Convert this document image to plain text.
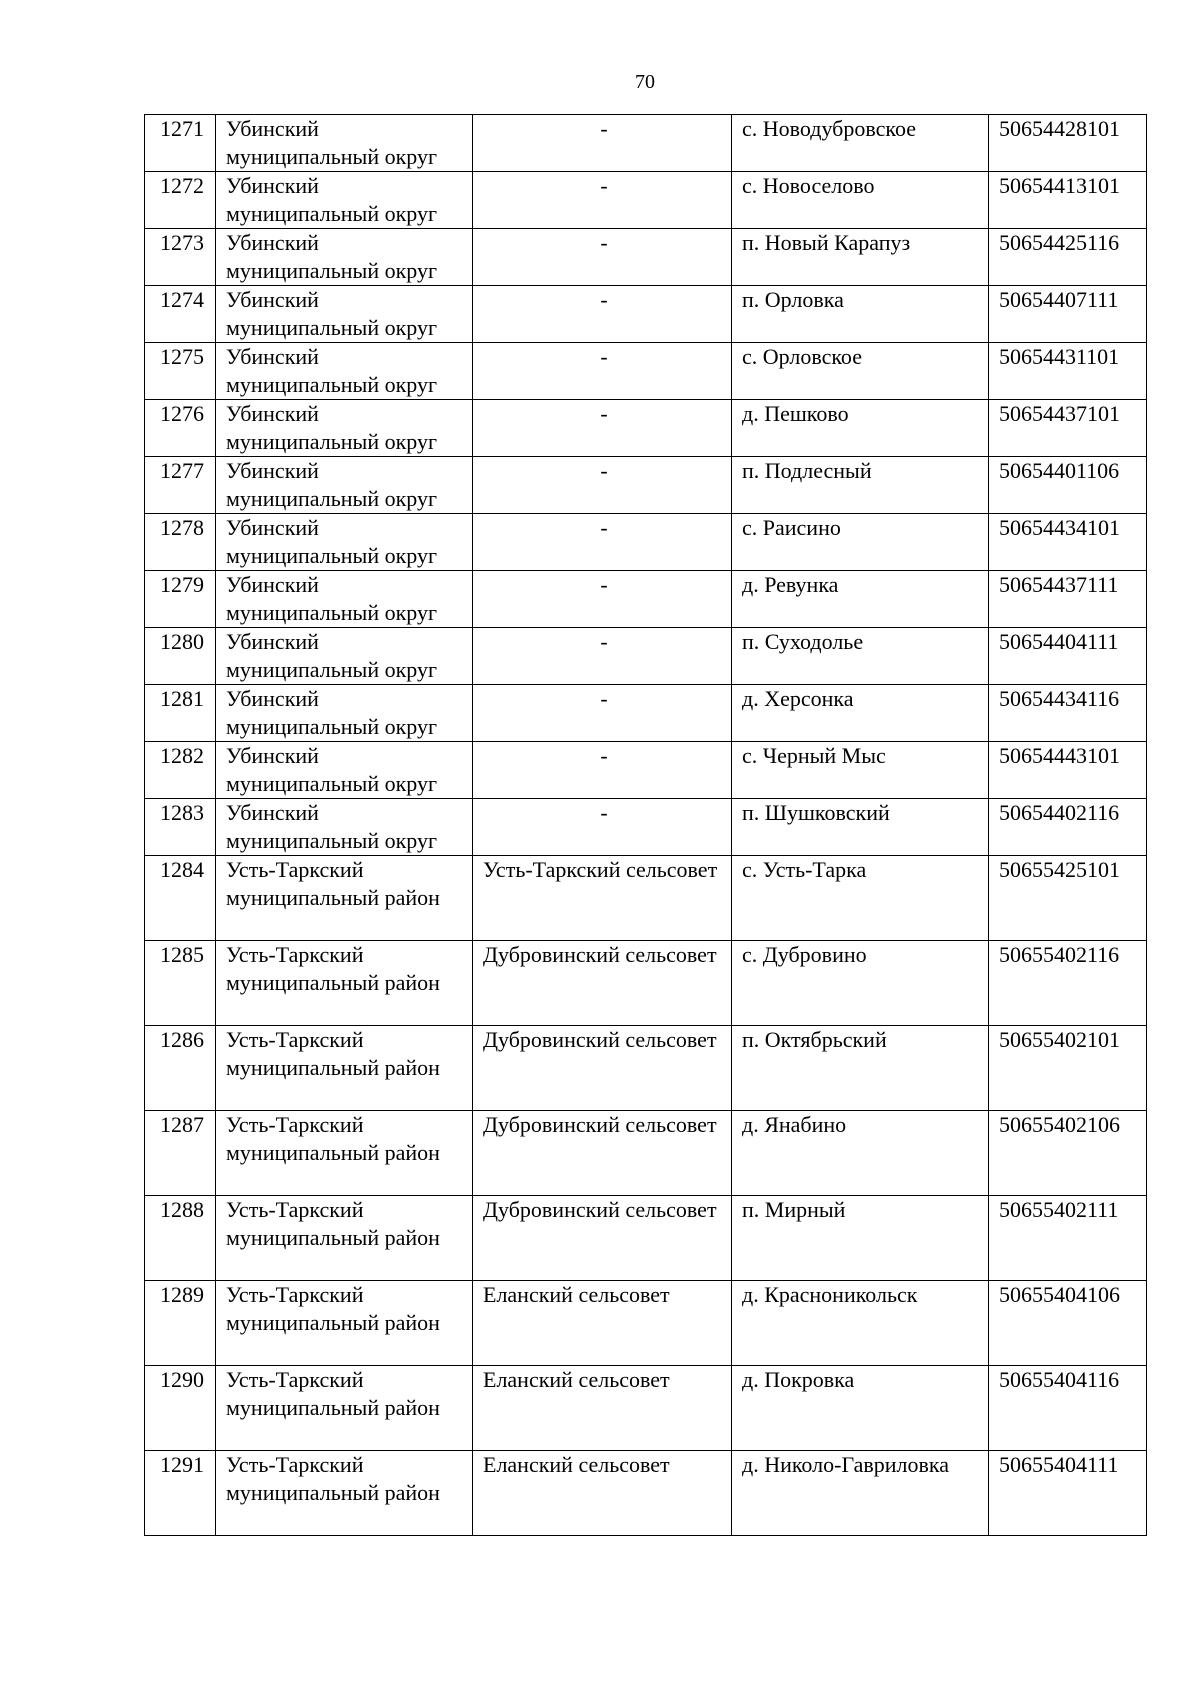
70
1271	Убинский муниципальный округ	-	с. Новодубровское	50654428101
1272	Убинский муниципальный округ	-	с. Новоселово	50654413101
1273	Убинский муниципальный округ	-	п. Новый Карапуз	50654425116
1274	Убинский муниципальный округ	-	п. Орловка	50654407111
1275	Убинский муниципальный округ	-	с. Орловское	50654431101
1276	Убинский муниципальный округ	-	д. Пешково	50654437101
1277	Убинский муниципальный округ	-	п. Подлесный	50654401106
1278	Убинский муниципальный округ	-	с. Раисино	50654434101
1279	Убинский муниципальный округ	-	д. Ревунка	50654437111
1280	Убинский муниципальный округ	-	п. Суходолье	50654404111
1281	Убинский муниципальный округ	-	д. Херсонка	50654434116
1282	Убинский муниципальный округ	-	с. Черный Мыс	50654443101
1283	Убинский муниципальный округ	-	п. Шушковский	50654402116
1284	Усть-Таркский муниципальный район	Усть-Таркский сельсовет	с. Усть-Тарка	50655425101
1285	Усть-Таркский муниципальный район	Дубровинский сельсовет	с. Дубровино	50655402116
1286	Усть-Таркский муниципальный район	Дубровинский сельсовет	п. Октябрьский	50655402101
1287	Усть-Таркский муниципальный район	Дубровинский сельсовет	д. Янабино	50655402106
1288	Усть-Таркский муниципальный район	Дубровинский сельсовет	п. Мирный	50655402111
1289	Усть-Таркский муниципальный район	Еланский сельсовет	д. Красноникольск	50655404106
1290	Усть-Таркский муниципальный район	Еланский сельсовет	д. Покровка	50655404116
1291	Усть-Таркский муниципальный район	Еланский сельсовет	д. Николо-Гавриловка	50655404111
